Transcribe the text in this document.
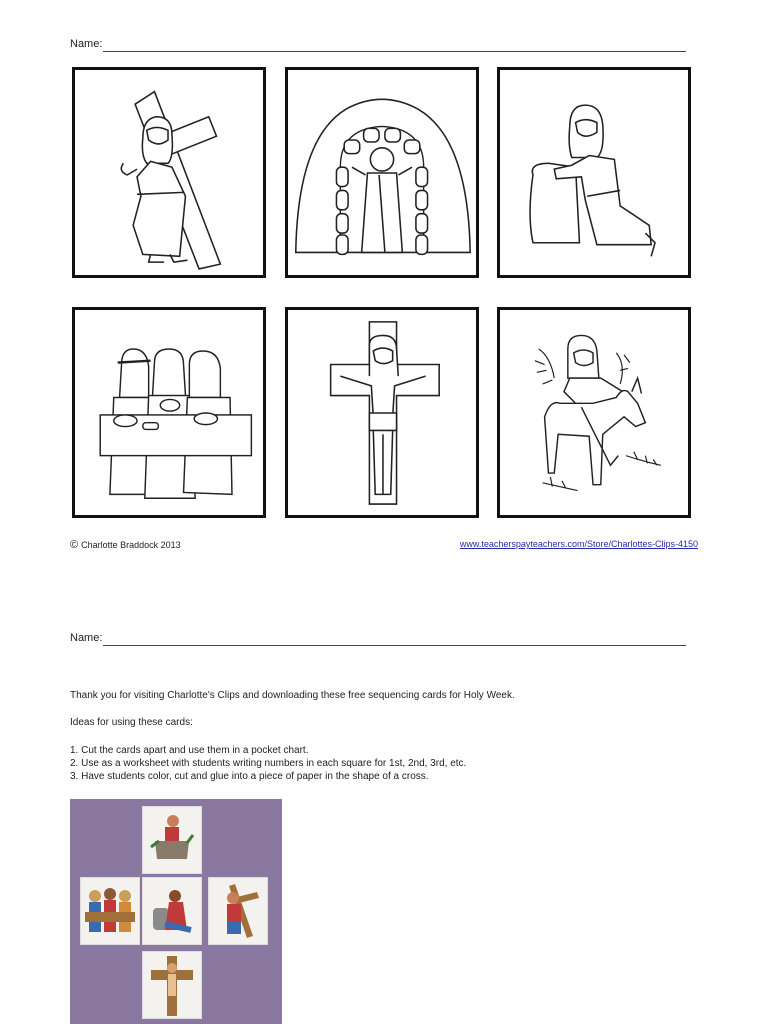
Name:
© Charlotte Braddock 2013	www.teacherspayteachers.com/Store/Charlottes-Clips-4150
Name:
Thank you for visiting Charlotte's Clips and downloading these free sequencing cards for Holy Week.
Ideas for using these cards:
1. Cut the cards apart and use them in a pocket chart.
2. Use as a worksheet with students writing numbers in each square for 1st, 2nd, 3rd, etc.
3. Have students color, cut and glue into a piece of paper in the shape of a cross.
